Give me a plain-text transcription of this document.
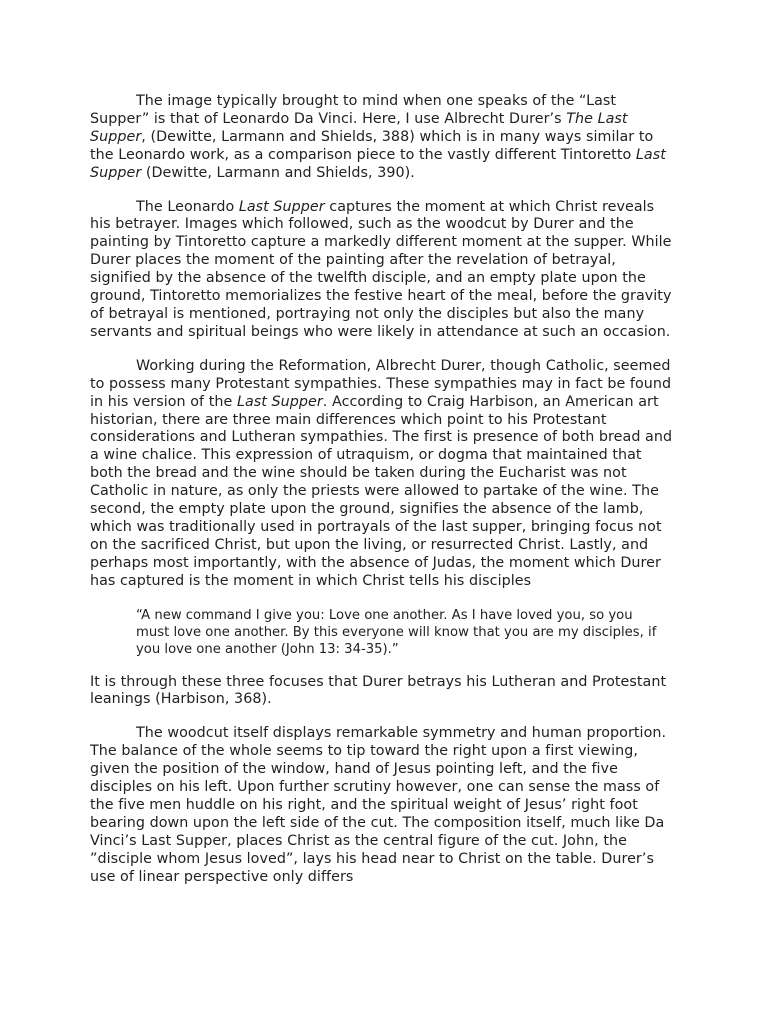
The image typically brought to mind when one speaks of the “Last Supper” is that of Leonardo Da Vinci. Here, I use Albrecht Durer’s The Last Supper, (Dewitte, Larmann and Shields, 388) which is in many ways similar to the Leonardo work, as a comparison piece to the vastly different Tintoretto Last Supper (Dewitte, Larmann and Shields, 390).

The Leonardo Last Supper captures the moment at which Christ reveals his betrayer. Images which followed, such as the woodcut by Durer and the painting by Tintoretto capture a markedly different moment at the supper. While Durer places the moment of the painting after the revelation of betrayal, signified by the absence of the twelfth disciple, and an empty plate upon the ground, Tintoretto memorializes the festive heart of the meal, before the gravity of betrayal is mentioned, portraying not only the disciples but also the many servants and spiritual beings who were likely in attendance at such an occasion.

Working during the Reformation, Albrecht Durer, though Catholic, seemed to possess many Protestant sympathies. These sympathies may in fact be found in his version of the Last Supper. According to Craig Harbison, an American art historian, there are three main differences which point to his Protestant considerations and Lutheran sympathies. The first is presence of both bread and a wine chalice. This expression of utraquism, or dogma that maintained that both the bread and the wine should be taken during the Eucharist was not Catholic in nature, as only the priests were allowed to partake of the wine. The second, the empty plate upon the ground, signifies the absence of the lamb, which was traditionally used in portrayals of the last supper, bringing focus not on the sacrificed Christ, but upon the living, or resurrected Christ. Lastly, and perhaps most importantly, with the absence of Judas, the moment which Durer has captured is the moment in which Christ tells his disciples

“A new command I give you: Love one another. As I have loved you, so you must love one another. By this everyone will know that you are my disciples, if you love one another (John 13: 34-35).”

It is through these three focuses that Durer betrays his Lutheran and Protestant leanings (Harbison, 368).

The woodcut itself displays remarkable symmetry and human proportion. The balance of the whole seems to tip toward the right upon a first viewing, given the position of the window, hand of Jesus pointing left, and the five disciples on his left. Upon further scrutiny however, one can sense the mass of the five men huddle on his right, and the spiritual weight of Jesus’ right foot bearing down upon the left side of the cut. The composition itself, much like Da Vinci’s Last Supper, places Christ as the central figure of the cut. John, the ”disciple whom Jesus loved”, lays his head near to Christ on the table. Durer’s use of linear perspective only differs
